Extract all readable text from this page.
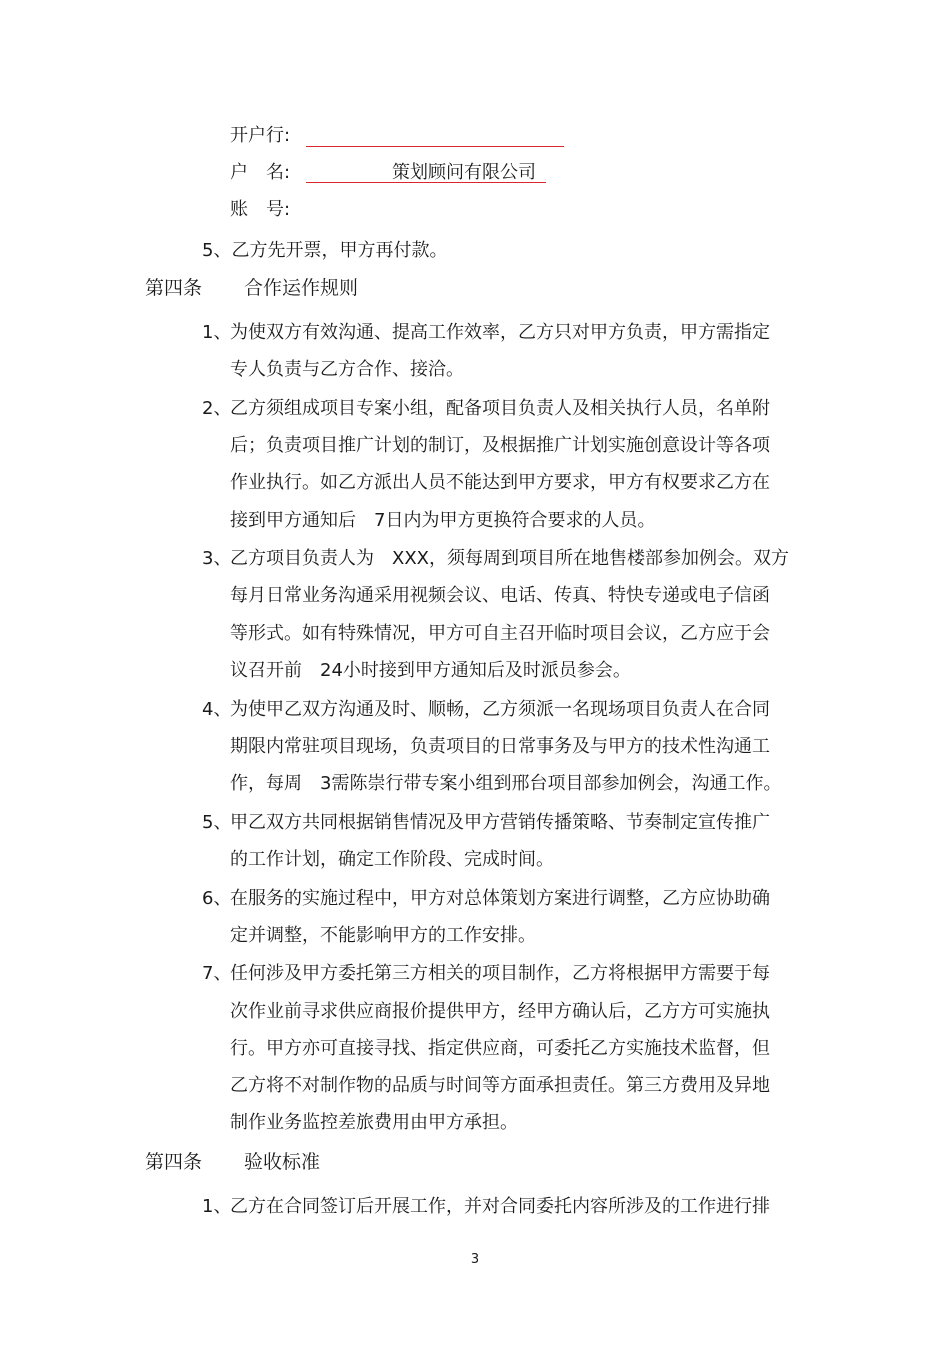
开户行:
户　名:	策划顾问有限公司
账　号:
5、乙方先开票，甲方再付款。
第四条 合作运作规则
1、
为使双方有效沟通、提高工作效率，乙方只对甲方负责，甲方需指定
专人负责与乙方合作、接洽。
2、
乙方须组成项目专案小组，配备项目负责人及相关执行人员，名单附
后；负责项目推广计划的制订，及根据推广计划实施创意设计等各项
作业执行。如乙方派出人员不能达到甲方要求，甲方有权要求乙方在
接到甲方通知后　7日内为甲方更换符合要求的人员。
3、
乙方项目负责人为　XXX，须每周到项目所在地售楼部参加例会。双方
每月日常业务沟通采用视频会议、电话、传真、特快专递或电子信函
等形式。如有特殊情况，甲方可自主召开临时项目会议，乙方应于会
议召开前　24小时接到甲方通知后及时派员参会。
4、
为使甲乙双方沟通及时、顺畅，乙方须派一名现场项目负责人在合同
期限内常驻项目现场，负责项目的日常事务及与甲方的技术性沟通工
作，每周　3需陈崇行带专案小组到邢台项目部参加例会，沟通工作。
5、
甲乙双方共同根据销售情况及甲方营销传播策略、节奏制定宣传推广
的工作计划，确定工作阶段、完成时间。
6、
在服务的实施过程中，甲方对总体策划方案进行调整，乙方应协助确
定并调整，不能影响甲方的工作安排。
7、
任何涉及甲方委托第三方相关的项目制作，乙方将根据甲方需要于每
次作业前寻求供应商报价提供甲方，经甲方确认后，乙方方可实施执
行。甲方亦可直接寻找、指定供应商，可委托乙方实施技术监督，但
乙方将不对制作物的品质与时间等方面承担责任。第三方费用及异地
制作业务监控差旅费用由甲方承担。
第四条 验收标准
1、
乙方在合同签订后开展工作，并对合同委托内容所涉及的工作进行排
3
